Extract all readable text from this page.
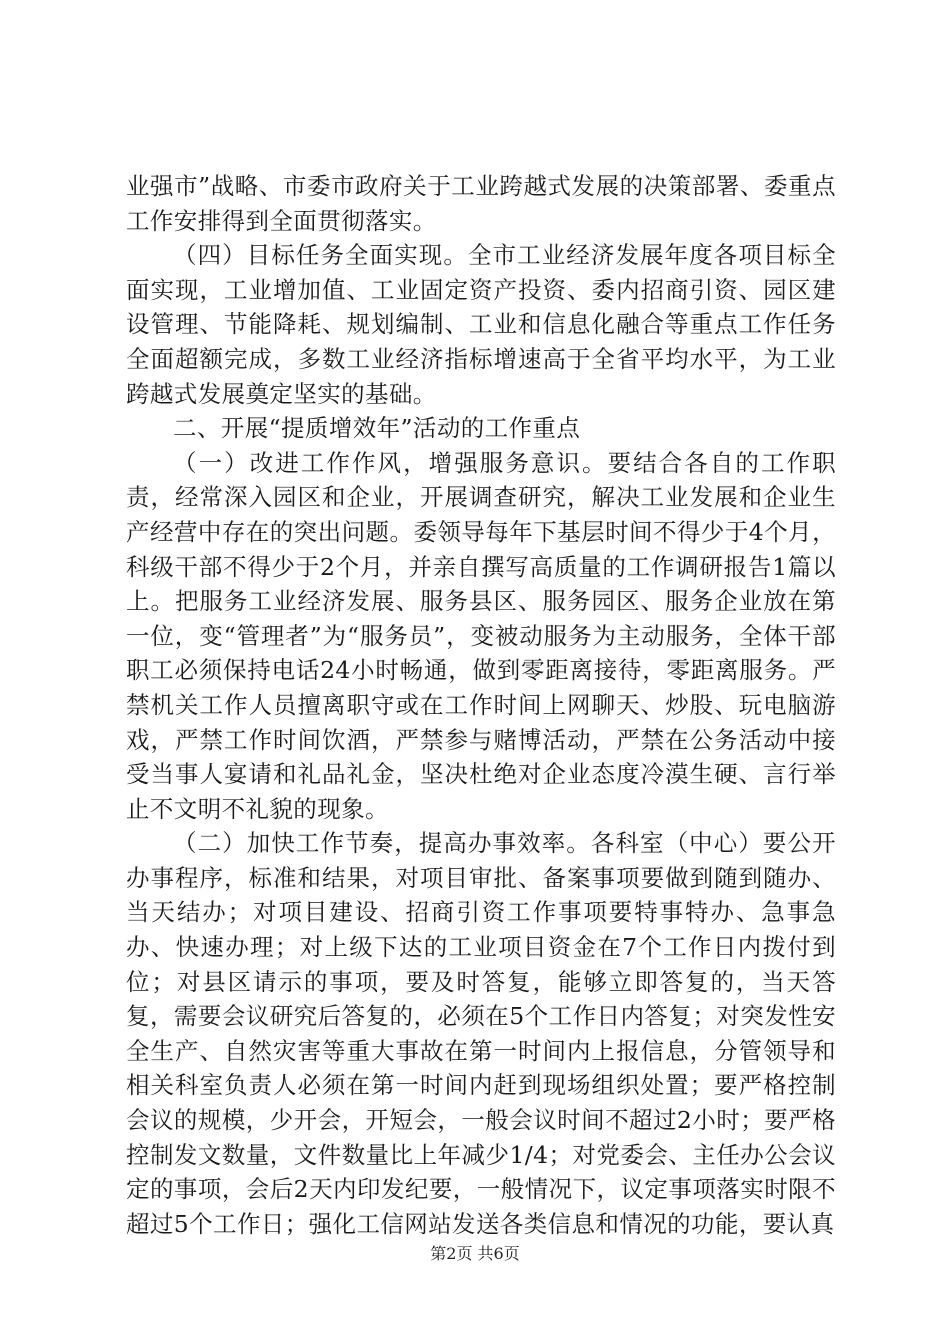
业强市”战略、市委市政府关于工业跨越式发展的决策部署、委重点工作安排得到全面贯彻落实。

（四）目标任务全面实现。全市工业经济发展年度各项目标全面实现，工业增加值、工业固定资产投资、委内招商引资、园区建设管理、节能降耗、规划编制、工业和信息化融合等重点工作任务全面超额完成，多数工业经济指标增速高于全省平均水平，为工业跨越式发展奠定坚实的基础。

二、开展“提质增效年”活动的工作重点

（一）改进工作作风，增强服务意识。要结合各自的工作职责，经常深入园区和企业，开展调查研究，解决工业发展和企业生产经营中存在的突出问题。委领导每年下基层时间不得少于4个月，科级干部不得少于2个月，并亲自撰写高质量的工作调研报告1篇以上。把服务工业经济发展、服务县区、服务园区、服务企业放在第一位，变“管理者”为“服务员”，变被动服务为主动服务，全体干部职工必须保持电话24小时畅通，做到零距离接待，零距离服务。严禁机关工作人员擅离职守或在工作时间上网聊天、炒股、玩电脑游戏，严禁工作时间饮酒，严禁参与赌博活动，严禁在公务活动中接受当事人宴请和礼品礼金，坚决杜绝对企业态度冷漠生硬、言行举止不文明不礼貌的现象。

（二）加快工作节奏，提高办事效率。各科室（中心）要公开办事程序，标准和结果，对项目审批、备案事项要做到随到随办、当天结办；对项目建设、招商引资工作事项要特事特办、急事急办、快速办理；对上级下达的工业项目资金在7个工作日内拨付到位；对县区请示的事项，要及时答复，能够立即答复的，当天答复，需要会议研究后答复的，必须在5个工作日内答复；对突发性安全生产、自然灾害等重大事故在第一时间内上报信息，分管领导和相关科室负责人必须在第一时间内赶到现场组织处置；要严格控制会议的规模，少开会，开短会，一般会议时间不超过2小时；要严格控制发文数量，文件数量比上年减少1/4；对党委会、主任办公会议定的事项，会后2天内印发纪要，一般情况下，议定事项落实时限不超过5个工作日；强化工信网站发送各类信息和情况的功能，要认真

第2页 共6页
